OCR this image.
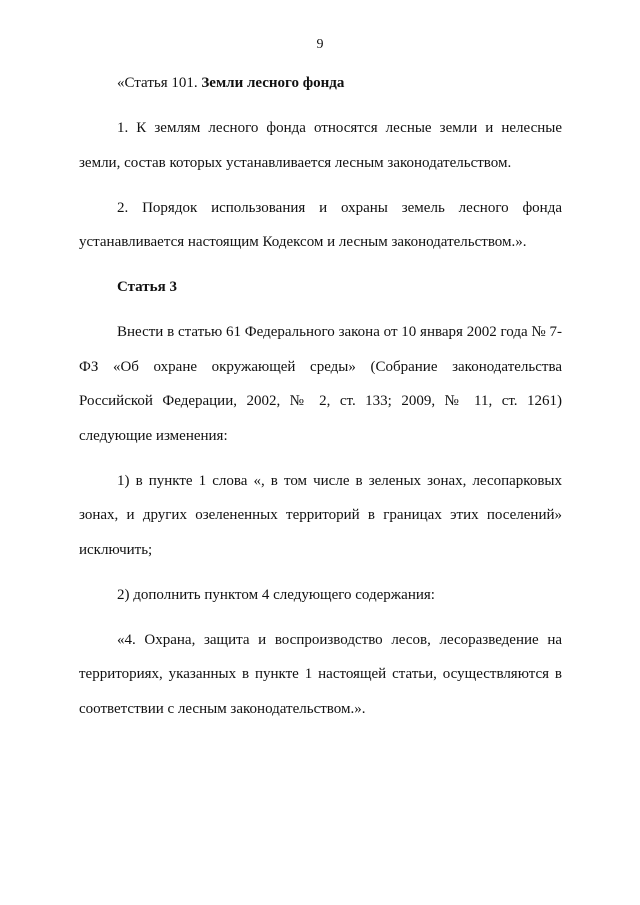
9

«Статья 101. Земли лесного фонда

1. К землям лесного фонда относятся лесные земли и нелесные земли, состав которых устанавливается лесным законодательством.

2. Порядок использования и охраны земель лесного фонда устанавливается настоящим Кодексом и лесным законодательством.».

Статья 3

Внести в статью 61 Федерального закона от 10 января 2002 года № 7-ФЗ «Об охране окружающей среды» (Собрание законодательства Российской Федерации, 2002, № 2, ст. 133; 2009, № 11, ст. 1261) следующие изменения:

1) в пункте 1 слова «, в том числе в зеленых зонах, лесопарковых зонах, и других озелененных территорий в границах этих поселений» исключить;

2) дополнить пунктом 4 следующего содержания:

«4. Охрана, защита и воспроизводство лесов, лесоразведение на территориях, указанных в пункте 1 настоящей статьи, осуществляются в соответствии с лесным законодательством.».
